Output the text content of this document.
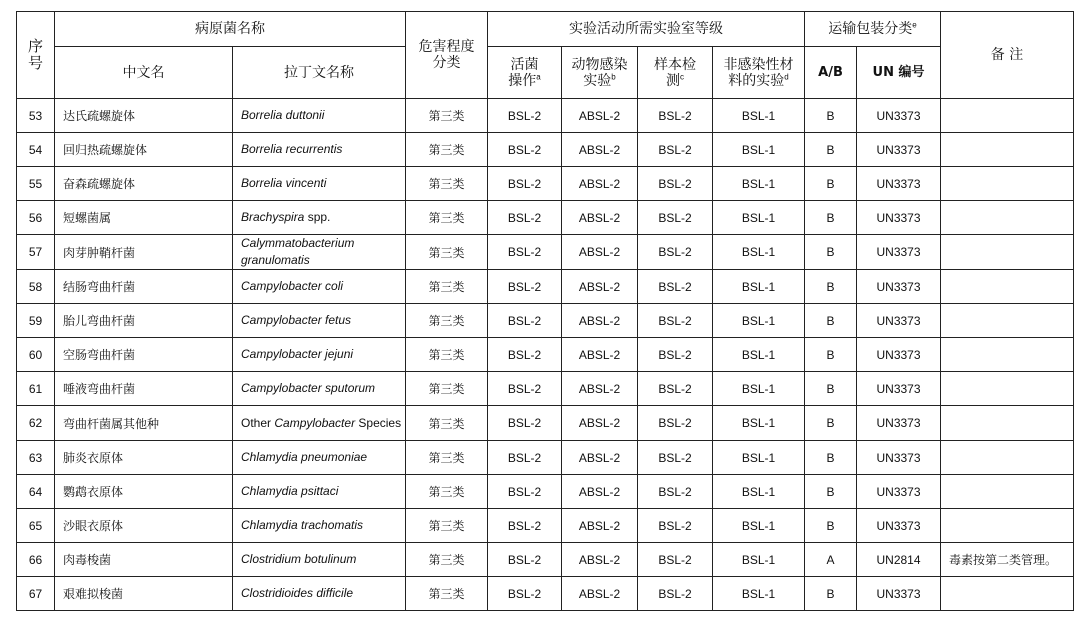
序号	病原菌名称		危害程度分类	实验活动所需实验室等级				运输包装分类$^e$		备 注
	中文名	拉丁文名称		活菌操作$^a$	动物感染实验$^b$	样本检测$^c$	非感染性材料的实验$^d$	A/B	UN 编号	
53	达氏疏螺旋体	Borrelia duttonii	第三类	BSL-2	ABSL-2	BSL-2	BSL-1	B	UN3373	
54	回归热疏螺旋体	Borrelia recurrentis	第三类	BSL-2	ABSL-2	BSL-2	BSL-1	B	UN3373	
55	奋森疏螺旋体	Borrelia vincenti	第三类	BSL-2	ABSL-2	BSL-2	BSL-1	B	UN3373	
56	短螺菌属	Brachyspira spp.	第三类	BSL-2	ABSL-2	BSL-2	BSL-1	B	UN3373	
57	肉芽肿鞘杆菌	Calymmatobacterium granulomatis	第三类	BSL-2	ABSL-2	BSL-2	BSL-1	B	UN3373	
58	结肠弯曲杆菌	Campylobacter coli	第三类	BSL-2	ABSL-2	BSL-2	BSL-1	B	UN3373	
59	胎儿弯曲杆菌	Campylobacter fetus	第三类	BSL-2	ABSL-2	BSL-2	BSL-1	B	UN3373	
60	空肠弯曲杆菌	Campylobacter jejuni	第三类	BSL-2	ABSL-2	BSL-2	BSL-1	B	UN3373	
61	唾液弯曲杆菌	Campylobacter sputorum	第三类	BSL-2	ABSL-2	BSL-2	BSL-1	B	UN3373	
62	弯曲杆菌属其他种	Other Campylobacter Species	第三类	BSL-2	ABSL-2	BSL-2	BSL-1	B	UN3373	
63	肺炎衣原体	Chlamydia pneumoniae	第三类	BSL-2	ABSL-2	BSL-2	BSL-1	B	UN3373	
64	鹦鹉衣原体	Chlamydia psittaci	第三类	BSL-2	ABSL-2	BSL-2	BSL-1	B	UN3373	
65	沙眼衣原体	Chlamydia trachomatis	第三类	BSL-2	ABSL-2	BSL-2	BSL-1	B	UN3373	
66	肉毒梭菌	Clostridium botulinum	第三类	BSL-2	ABSL-2	BSL-2	BSL-1	A	UN2814	毒素按第二类管理。
67	艰难拟梭菌	Clostridioides difficile	第三类	BSL-2	ABSL-2	BSL-2	BSL-1	B	UN3373	
